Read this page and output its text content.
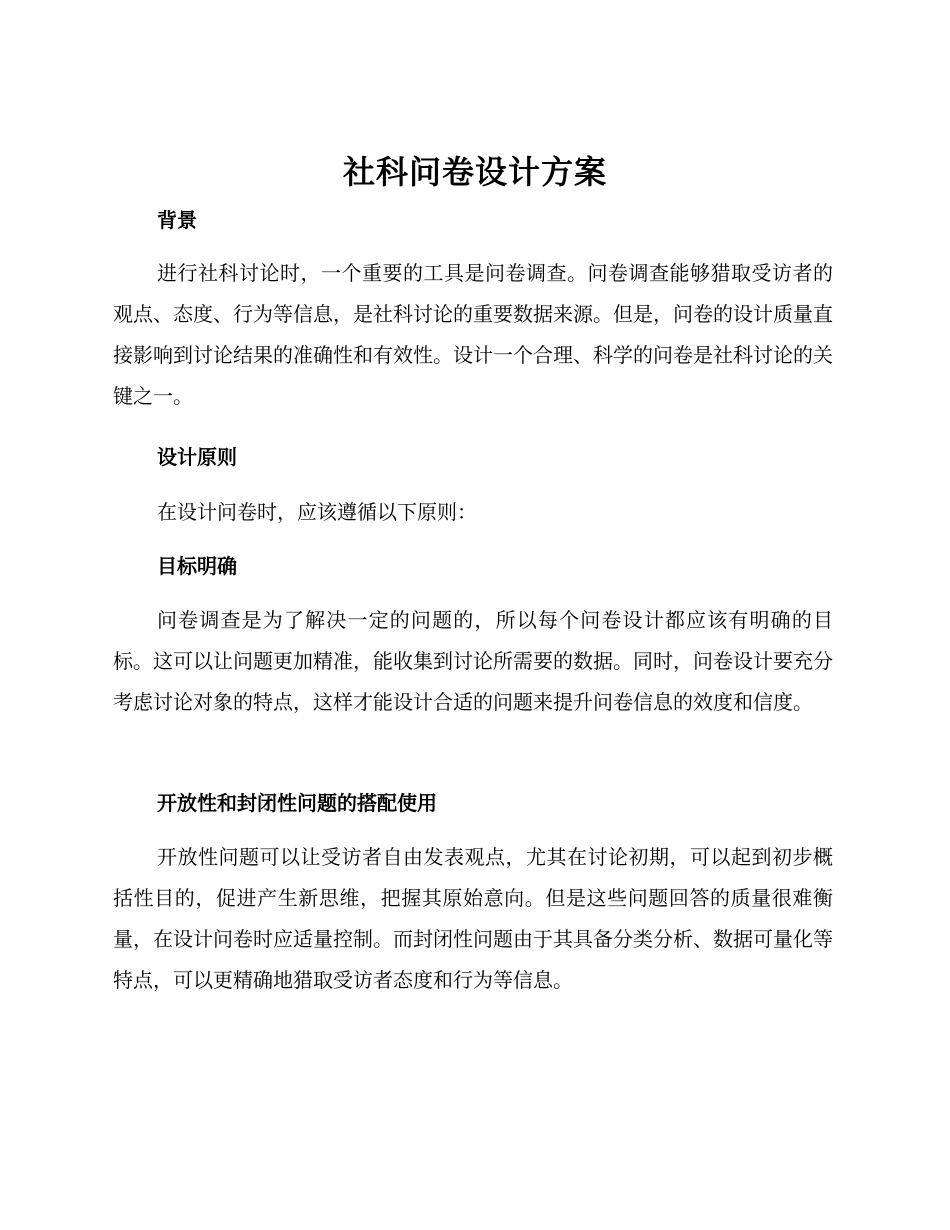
社科问卷设计方案
背景

进行社科讨论时，一个重要的工具是问卷调查。问卷调查能够猎取受访者的观点、态度、行为等信息，是社科讨论的重要数据来源。但是，问卷的设计质量直接影响到讨论结果的准确性和有效性。设计一个合理、科学的问卷是社科讨论的关键之一。

设计原则
在设计问卷时，应该遵循以下原则：
目标明确

问卷调查是为了解决一定的问题的，所以每个问卷设计都应该有明确的目标。这可以让问题更加精准，能收集到讨论所需要的数据。同时，问卷设计要充分考虑讨论对象的特点，这样才能设计合适的问题来提升问卷信息的效度和信度。

开放性和封闭性问题的搭配使用

开放性问题可以让受访者自由发表观点，尤其在讨论初期，可以起到初步概括性目的，促进产生新思维，把握其原始意向。但是这些问题回答的质量很难衡量，在设计问卷时应适量控制。而封闭性问题由于其具备分类分析、数据可量化等特点，可以更精确地猎取受访者态度和行为等信息。
